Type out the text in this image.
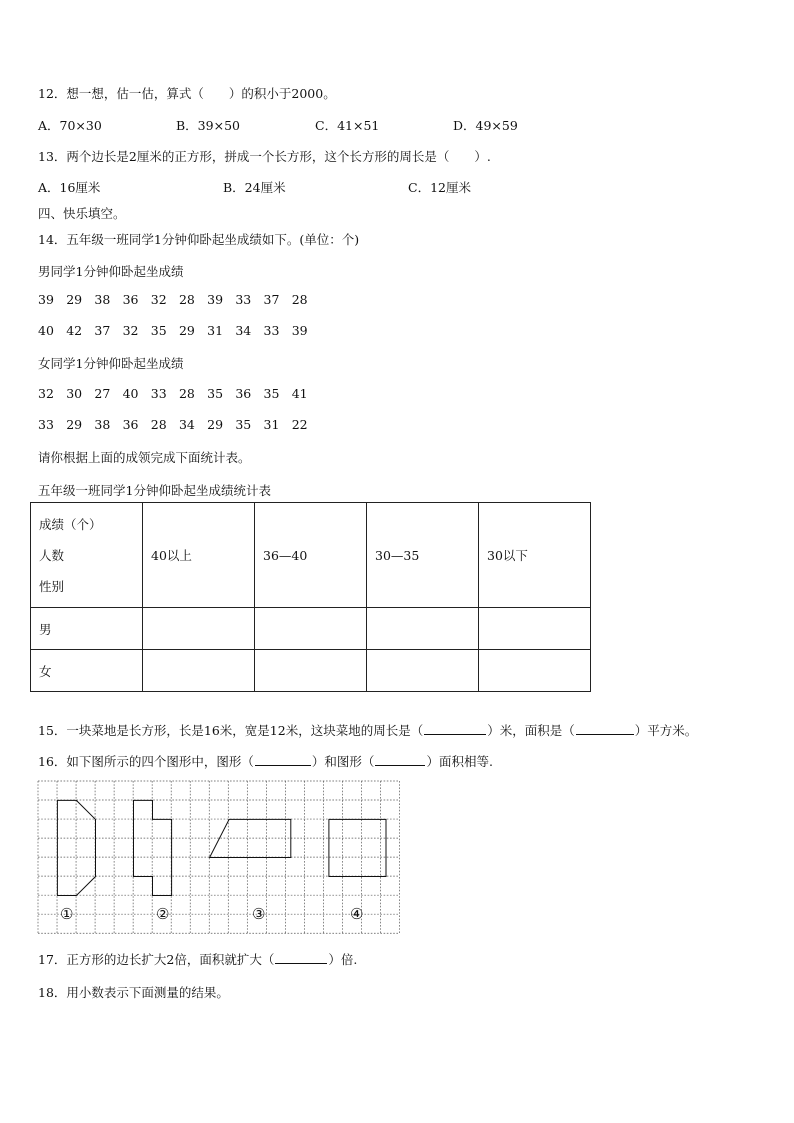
12．想一想，估一估，算式（　　）的积小于2000。
A．70×30	B．39×50	C．41×51	D．49×59
13．两个边长是2厘米的正方形，拼成一个长方形，这个长方形的周长是（　　）.
A．16厘米	B．24厘米	C．12厘米
四、快乐填空。
14．五年级一班同学1分钟仰卧起坐成绩如下。(单位：个)
男同学1分钟仰卧起坐成绩
39 29 38 36 32 28 39 33 37 28
40 42 37 32 35 29 31 34 33 39
女同学1分钟仰卧起坐成绩
32 30 27 40 33 28 35 36 35 41
33 29 38 36 28 34 29 35 31 22
请你根据上面的成领完成下面统计表。
五年级一班同学1分钟仰卧起坐成绩统计表
成绩（个）
人数
性别	40以上	36—40	30—35	30以下
男				
女				
15．一块菜地是长方形，长是16米，宽是12米，这块菜地的周长是（	）米，面积是（	）平方米。
16．如下图所示的四个图形中，图形（	）和图形（	）面积相等.
①	②	③	④
17．正方形的边长扩大2倍，面积就扩大（	）倍.
18．用小数表示下面测量的结果。
